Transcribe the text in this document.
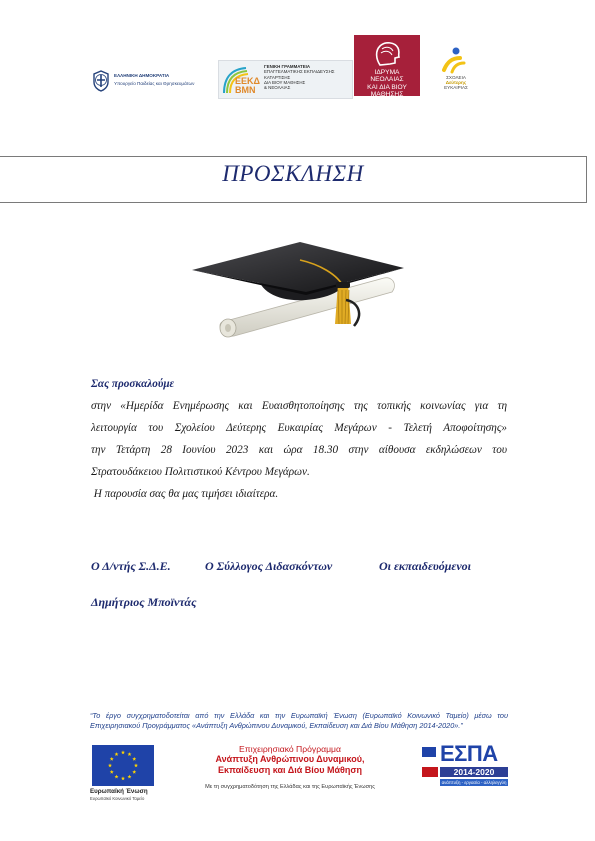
ΕΛΛΗΝΙΚΗ ΔΗΜΟΚΡΑΤΙΑ
Υπουργείο Παιδείας και Θρησκευμάτων	ΕΕΚΔ
ΒΜΝ
ΓΕΝΙΚΗ ΓΡΑΜΜΑΤΕΙΑ
ΕΠΑΓΓΕΛΜΑΤΙΚΗΣ ΕΚΠΑΙΔΕΥΣΗΣ
ΚΑΤΑΡΤΙΣΗΣ
ΔΙΑ ΒΙΟΥ ΜΑΘΗΣΗΣ
& ΝΕΟΛΑΙΑΣ
ΙΔΡΥΜΑ
ΝΕΟΛΑΙΑΣ
ΚΑΙ ΔΙΑ ΒΙΟΥ
ΜΑΘΗΣΗΣ
ΣΧΟΛΕΙΑ
Δεύτερης
ΕΥΚΑΙΡΙΑΣ
ΠΡΟΣΚΛΗΣΗ
Σας προσκαλούμε
στην «Ημερίδα Ενημέρωσης και Ευαισθητοποίησης της τοπικής κοινωνίας για τη
λειτουργία του Σχολείου Δεύτερης Ευκαιρίας Μεγάρων - Τελετή Αποφοίτησης»
την Τετάρτη 28 Ιουνίου 2023 και ώρα 18.30 στην αίθουσα εκδηλώσεων του
Στρατουδάκειου Πολιτιστικού Κέντρου Μεγάρων.
Η παρουσία σας θα μας τιμήσει ιδιαίτερα.
Ο Δ/ντής Σ.Δ.Ε.	Ο Σύλλογος Διδασκόντων	Οι εκπαιδευόμενοι
Δημήτριος Μποϊντάς
“Το έργο συγχρηματοδοτείται από την Ελλάδα και την Ευρωπαϊκή Ένωση (Ευρωπαϊκό Κοινωνικό Ταμείο) μέσω του Επιχειρησιακού Προγράμματος «Ανάπτυξη Ανθρώπινου Δυναμικού, Εκπαίδευση και Διά Βίου Μάθηση 2014-2020».”
Ευρωπαϊκή Ένωση
Ευρωπαϊκό Κοινωνικό Ταμείο
Επιχειρησιακό Πρόγραμμα
Ανάπτυξη Ανθρώπινου Δυναμικού,
Εκπαίδευση και Διά Βίου Μάθηση
Με τη συγχρηματοδότηση της Ελλάδας και της Ευρωπαϊκής Ένωσης
ΕΣΠΑ
2014-2020
ανάπτυξη - εργασία - αλληλεγγύη
